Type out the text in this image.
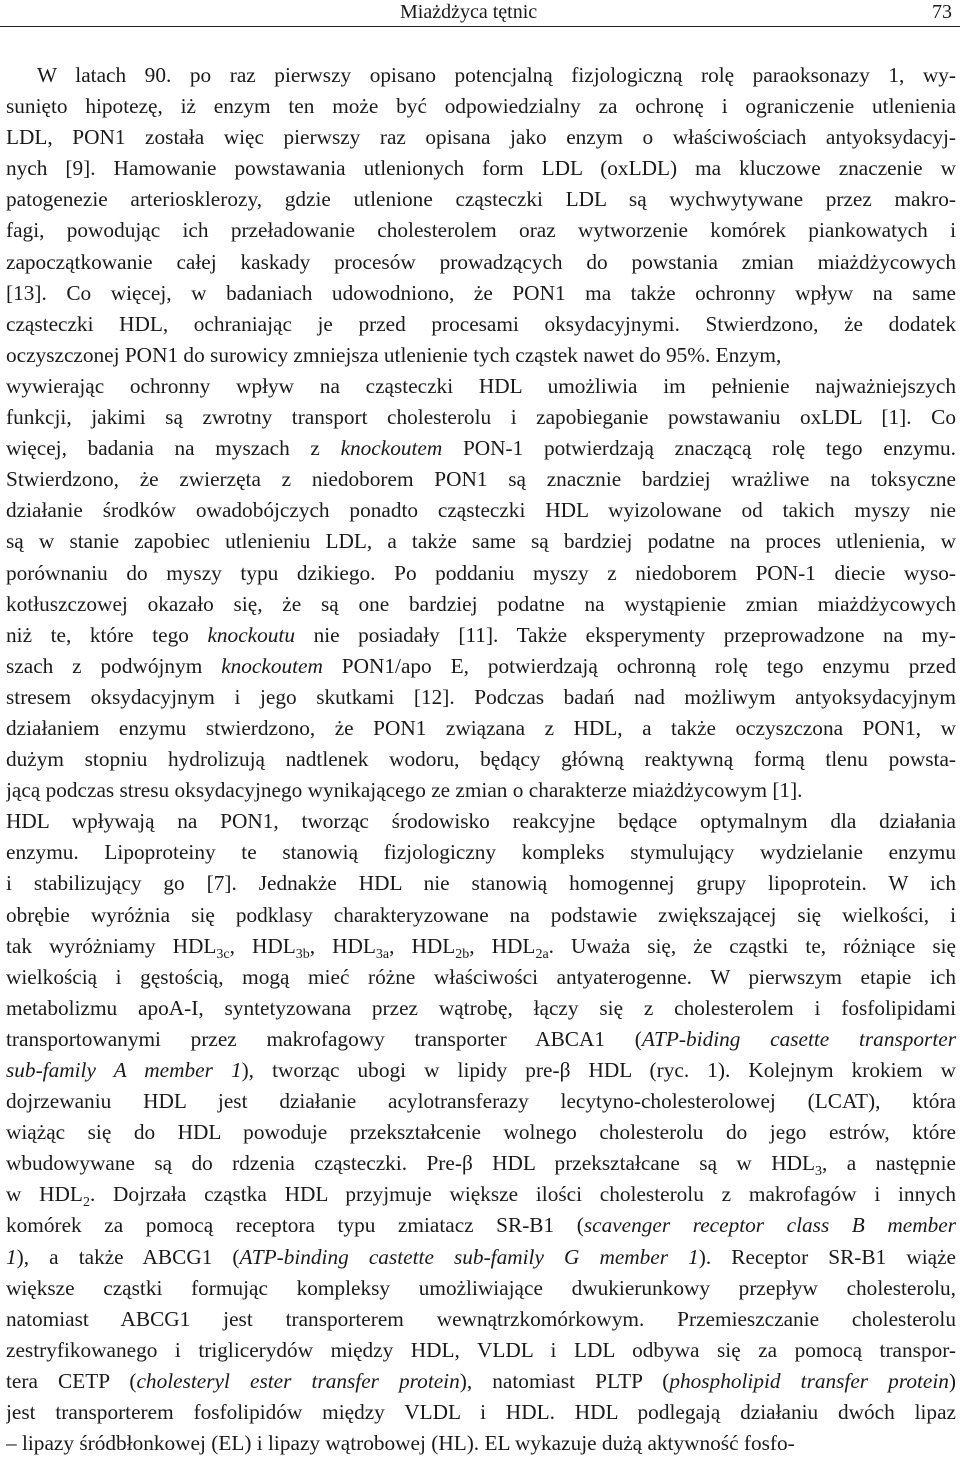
Miażdżyca tętnic	73
W latach 90. po raz pierwszy opisano potencjalną fizjologiczną rolę paraoksonazy 1, wy-
sunięto hipotezę, iż enzym ten może być odpowiedzialny za ochronę i ograniczenie utlenienia
LDL, PON1 została więc pierwszy raz opisana jako enzym o właściwościach antyoksydacyj-
nych [9]. Hamowanie powstawania utlenionych form LDL (oxLDL) ma kluczowe znaczenie w
patogenezie arteriosklerozy, gdzie utlenione cząsteczki LDL są wychwytywane przez makro-
fagi, powodując ich przeładowanie cholesterolem oraz wytworzenie komórek piankowatych i
zapoczątkowanie całej kaskady procesów prowadzących do powstania zmian miażdżycowych
[13]. Co więcej, w badaniach udowodniono, że PON1 ma także ochronny wpływ na same
cząsteczki HDL, ochraniając je przed procesami oksydacyjnymi. Stwierdzono, że dodatek
oczyszczonej PON1 do surowicy zmniejsza utlenienie tych cząstek nawet do 95%. Enzym,
wywierając ochronny wpływ na cząsteczki HDL umożliwia im pełnienie najważniejszych
funkcji, jakimi są zwrotny transport cholesterolu i zapobieganie powstawaniu oxLDL [1]. Co
więcej, badania na myszach z knockoutem PON-1 potwierdzają znaczącą rolę tego enzymu.
Stwierdzono, że zwierzęta z niedoborem PON1 są znacznie bardziej wrażliwe na toksyczne
działanie środków owadobójczych ponadto cząsteczki HDL wyizolowane od takich myszy nie
są w stanie zapobiec utlenieniu LDL, a także same są bardziej podatne na proces utlenienia, w
porównaniu do myszy typu dzikiego. Po poddaniu myszy z niedoborem PON-1 diecie wyso-
kotłuszczowej okazało się, że są one bardziej podatne na wystąpienie zmian miażdżycowych
niż te, które tego knockoutu nie posiadały [11]. Także eksperymenty przeprowadzone na my-
szach z podwójnym knockoutem PON1/apo E, potwierdzają ochronną rolę tego enzymu przed
stresem oksydacyjnym i jego skutkami [12]. Podczas badań nad możliwym antyoksydacyjnym
działaniem enzymu stwierdzono, że PON1 związana z HDL, a także oczyszczona PON1, w
dużym stopniu hydrolizują nadtlenek wodoru, będący główną reaktywną formą tlenu powsta-
jącą podczas stresu oksydacyjnego wynikającego ze zmian o charakterze miażdżycowym [1].
HDL wpływają na PON1, tworząc środowisko reakcyjne będące optymalnym dla działania
enzymu. Lipoproteiny te stanowią fizjologiczny kompleks stymulujący wydzielanie enzymu
i stabilizujący go [7]. Jednakże HDL nie stanowią homogennej grupy lipoprotein. W ich
obrębie wyróżnia się podklasy charakteryzowane na podstawie zwiększającej się wielkości, i
tak wyróżniamy $HDL_{3c}$, $HDL_{3b}$, $HDL_{3a}$, $HDL_{2b}$, $HDL_{2a}$. Uważa się, że cząstki te, różniące się
wielkością i gęstością, mogą mieć różne właściwości antyaterogenne. W pierwszym etapie ich
metabolizmu apoA-I, syntetyzowana przez wątrobę, łączy się z cholesterolem i fosfolipidami
transportowanymi przez makrofagowy transporter ABCA1 (ATP-biding casette transporter
sub-family A member 1), tworząc ubogi w lipidy pre-β HDL (ryc. 1). Kolejnym krokiem w
dojrzewaniu HDL jest działanie acylotransferazy lecytyno-cholesterolowej (LCAT), która
wiążąc się do HDL powoduje przekształcenie wolnego cholesterolu do jego estrów, które
wbudowywane są do rdzenia cząsteczki. Pre-β HDL przekształcane są w $HDL_3$, a następnie
w $HDL_2$. Dojrzała cząstka HDL przyjmuje większe ilości cholesterolu z makrofagów i innych
komórek za pomocą receptora typu zmiatacz SR-B1 (scavenger receptor class B member
1), a także ABCG1 (ATP-binding castette sub-family G member 1). Receptor SR-B1 wiąże
większe cząstki formując kompleksy umożliwiające dwukierunkowy przepływ cholesterolu,
natomiast ABCG1 jest transporterem wewnątrzkomórkowym. Przemieszczanie cholesterolu
zestryfikowanego i triglicerydów między HDL, VLDL i LDL odbywa się za pomocą transpor-
tera CETP (cholesteryl ester transfer protein), natomiast PLTP (phospholipid transfer protein)
jest transporterem fosfolipidów między VLDL i HDL. HDL podlegają działaniu dwóch lipaz
– lipazy śródbłonkowej (EL) i lipazy wątrobowej (HL). EL wykazuje dużą aktywność fosfo-
